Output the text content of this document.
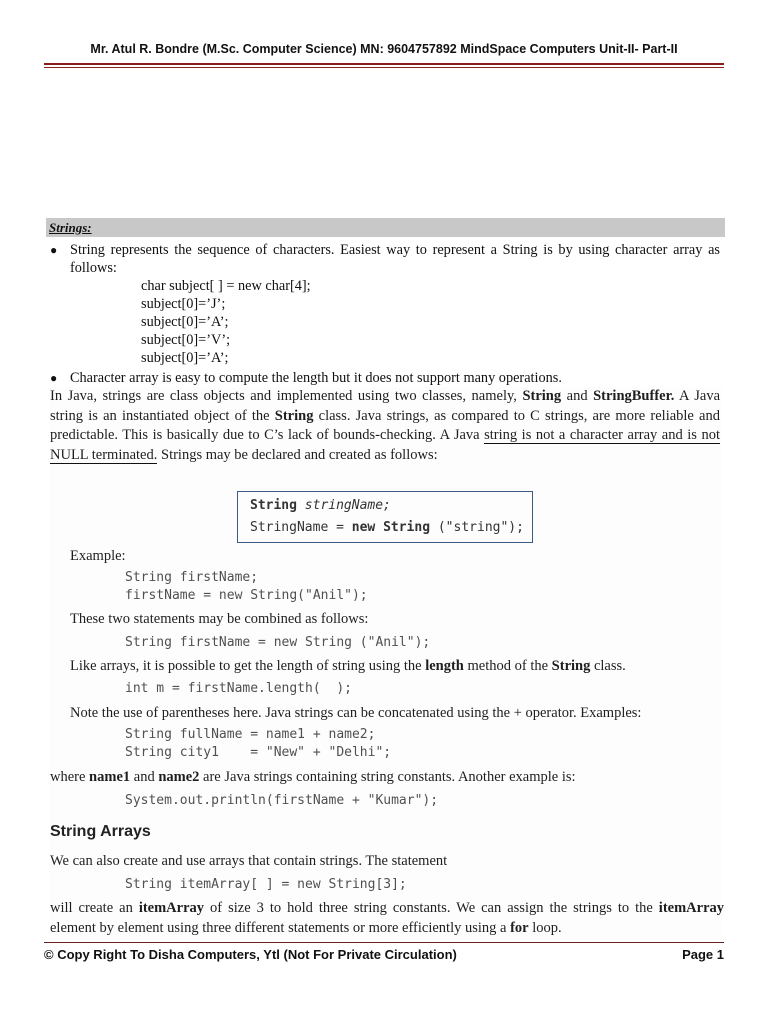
Mr. Atul R. Bondre (M.Sc. Computer Science) MN: 9604757892 MindSpace Computers Unit-II- Part-II
Strings:
● String represents the sequence of characters. Easiest way to represent a String is by using character array as follows:
char subject[ ] = new char[4];
subject[0]=’J’;
subject[0]=’A’;
subject[0]=’V’;
subject[0]=’A’;
● Character array is easy to compute the length but it does not support many operations.
In Java, strings are class objects and implemented using two classes, namely, String and StringBuffer. A Java string is an instantiated object of the String class. Java strings, as compared to C strings, are more reliable and predictable. This is basically due to C’s lack of bounds-checking. A Java string is not a character array and is not NULL terminated. Strings may be declared and created as follows:
String stringName;
StringName = new String ("string");
Example:
String firstName;
firstName = new String("Anil");
These two statements may be combined as follows:
String firstName = new String ("Anil");
Like arrays, it is possible to get the length of string using the length method of the String class.
int m = firstName.length(  );
Note the use of parentheses here. Java strings can be concatenated using the + operator. Examples:
String fullName = name1 + name2;
String city1    = "New" + "Delhi";
where name1 and name2 are Java strings containing string constants. Another example is:
System.out.println(firstName + "Kumar");
String Arrays
We can also create and use arrays that contain strings. The statement
String itemArray[ ] = new String[3];
will create an itemArray of size 3 to hold three string constants. We can assign the strings to the itemArray element by element using three different statements or more efficiently using a for loop.
© Copy Right To Disha Computers, Ytl (Not For Private Circulation)	Page 1
